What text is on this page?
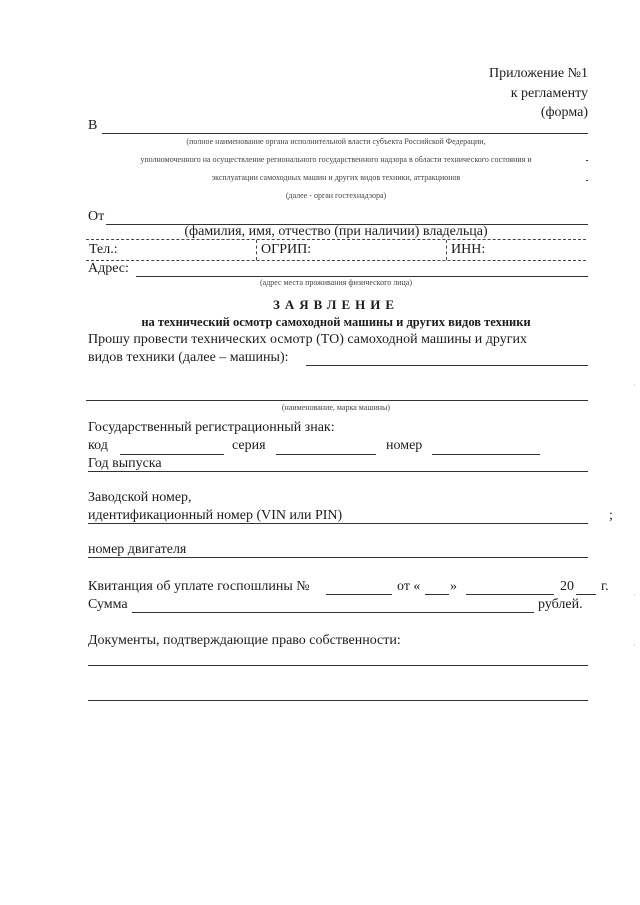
Приложение №1
к регламенту
(форма)
В
(полное наименование органа исполнительной власти субъекта Российской Федерации,
уполномоченного на осуществление регионального государственного надзора в области технического состояния и
эксплуатации самоходных машин и других видов техники, аттракционов
(далее - орган гостехнадзора)
От
(фамилия, имя, отчество (при наличии) владельца)
Тел.:	ОГРИП:	ИНН:
Адрес:
(адрес места проживания физического лица)
ЗАЯВЛЕНИЕ
на технический осмотр самоходной машины и других видов техники
Прошу провести технических осмотр (ТО) самоходной машины и других
видов техники (далее – машины):
(наименование, марка машины)
Государственный регистрационный знак:
код	серия	номер
Год выпуска
Заводской номер,
идентификационный номер (VIN или PIN)	;
номер двигателя
Квитанция об уплате госпошлины №	от « »	20 г.
Сумма	рублей.
Документы, подтверждающие право собственности:
·
·
·
